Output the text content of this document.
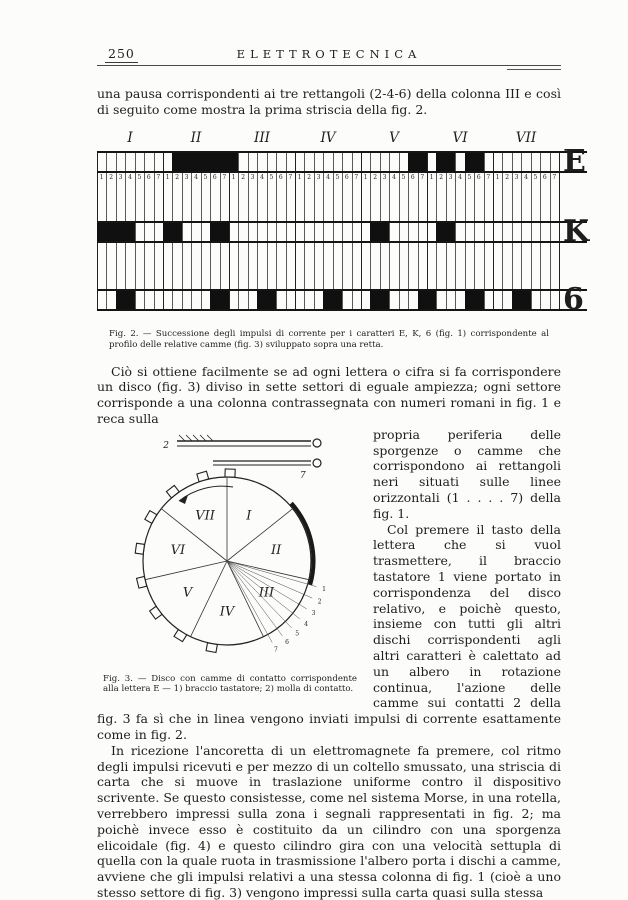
250	ELETTROTECNICA

una pausa corrispondenti ai tre rettangoli (2-4-6) della colonna III e così di seguito come mostra la prima striscia della fig. 2.

I	II	III	IV	V	VI	VII
E
K
6
1 2 3 4 5 6 7 1 2 3 4 5 6 7 1 2 3 4 5 6 7 1 2 3 4 5 6 7 1 2 3 4 5 6 7 1 2 3 4 5 6 7 1 2 3 4 5 6 7

Fig. 2. — Successione degli impulsi di corrente per i caratteri E, K, 6 (fig. 1) corrispondente al profilo delle relative camme (fig. 3) sviluppato sopra una retta.

Ciò si ottiene facilmente se ad ogni lettera o cifra si fa corrispondere un disco (fig. 3) diviso in sette settori di eguale ampiezza; ogni settore corrisponde a una colonna contrassegnata con numeri romani in fig. 1 e reca sulla

I
II
III
IV
V
VI
VII
1
2
3
4
5
6
7
2
7
Fig. 3. — Disco con camme di contatto corrispondente alla lettera E — 1) braccio tastatore; 2) molla di contatto.

propria periferia delle sporgenze o camme che corrispondono ai rettangoli neri situati sulle linee orizzontali (1 . . . . 7) della fig. 1.

Col premere il tasto della lettera che si vuol trasmettere, il braccio tastatore 1 viene portato in corrispondenza del disco relativo, e poichè questo, insieme con tutti gli altri dischi corrispondenti agli altri caratteri è calettato ad un albero in rotazione continua, l'azione delle camme sui contatti 2 della fig. 3 fa sì che in linea vengono inviati impulsi di corrente esattamente come in fig. 2.

In ricezione l'ancoretta di un elettromagnete fa premere, col ritmo degli impulsi ricevuti e per mezzo di un coltello smussato, una striscia di carta che si muove in traslazione uniforme contro il dispositivo scrivente. Se questo consistesse, come nel sistema Morse, in una rotella, verrebbero impressi sulla zona i segnali rappresentati in fig. 2; ma poichè invece esso è costituito da un cilindro con una sporgenza elicoidale (fig. 4) e questo cilindro gira con una velocità settupla di quella con la quale ruota in trasmissione l'albero porta i dischi a camme, avviene che gli impulsi relativi a una stessa colonna di fig. 1 (cioè a uno stesso settore di fig. 3) vengono impressi sulla carta quasi sulla stessa
